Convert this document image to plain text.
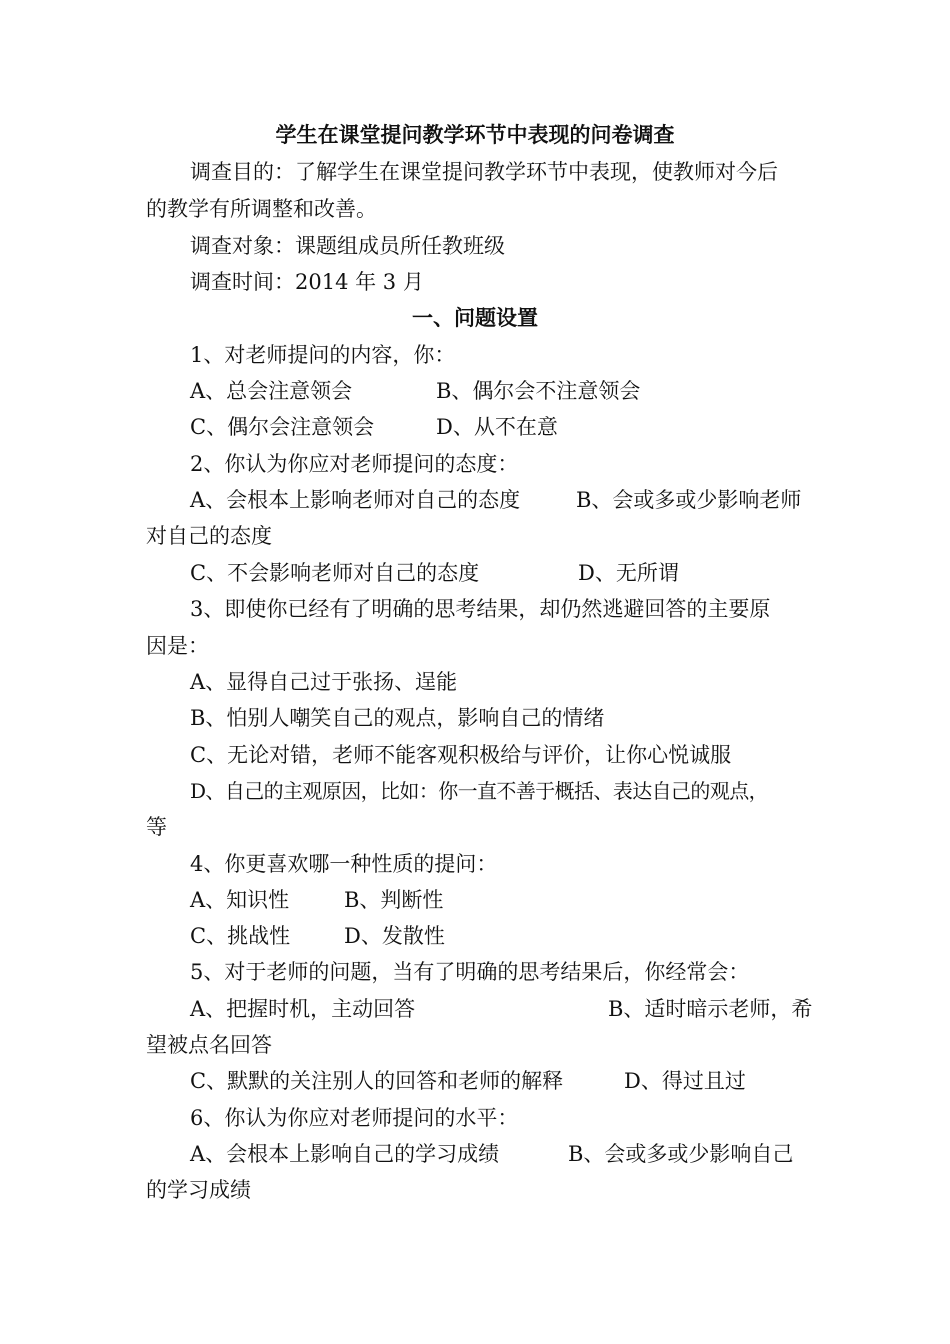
学生在课堂提问教学环节中表现的问卷调查
调查目的：了解学生在课堂提问教学环节中表现，使教师对今后
的教学有所调整和改善。
调查对象：课题组成员所任教班级
调查时间：2014 年 3 月
一、问题设置
1、对老师提问的内容，你：
A、总会注意领会	B、偶尔会不注意领会
C、偶尔会注意领会	D、从不在意
2、你认为你应对老师提问的态度：
A、会根本上影响老师对自己的态度	B、会或多或少影响老师
对自己的态度
C、不会影响老师对自己的态度	D、无所谓
3、即使你已经有了明确的思考结果，却仍然逃避回答的主要原
因是：
A、显得自己过于张扬、逞能
B、怕别人嘲笑自己的观点，影响自己的情绪
C、无论对错，老师不能客观积极给与评价，让你心悦诚服
D、自己的主观原因，比如：你一直不善于概括、表达自己的观点，
等
4、你更喜欢哪一种性质的提问：
A、知识性	B、判断性
C、挑战性	D、发散性
5、对于老师的问题，当有了明确的思考结果后，你经常会：
A、把握时机，主动回答	B、适时暗示老师，希
望被点名回答
C、默默的关注别人的回答和老师的解释	D、得过且过
6、你认为你应对老师提问的水平：
A、会根本上影响自己的学习成绩	B、会或多或少影响自己
的学习成绩
